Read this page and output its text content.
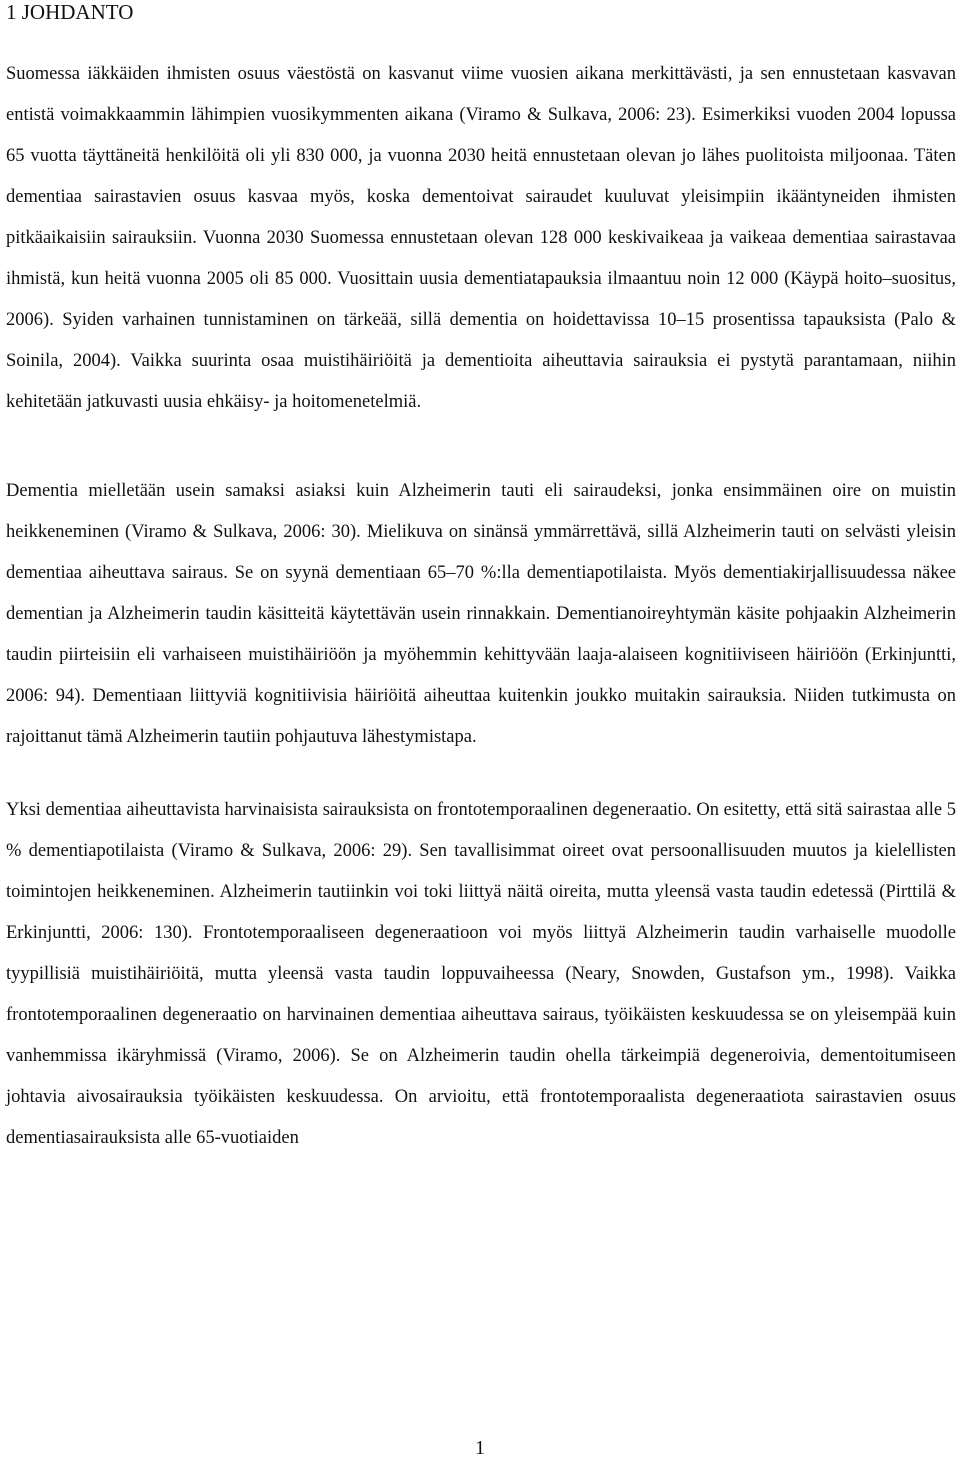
1 JOHDANTO

Suomessa iäkkäiden ihmisten osuus väestöstä on kasvanut viime vuosien aikana merkittävästi, ja sen ennustetaan kasvavan entistä voimakkaammin lähimpien vuosikymmenten aikana (Viramo & Sulkava, 2006: 23). Esimerkiksi vuoden 2004 lopussa 65 vuotta täyttäneitä henkilöitä oli yli 830 000, ja vuonna 2030 heitä ennustetaan olevan jo lähes puolitoista miljoonaa. Täten dementiaa sairastavien osuus kasvaa myös, koska dementoivat sairaudet kuuluvat yleisimpiin ikääntyneiden ihmisten pitkäaikaisiin sairauksiin. Vuonna 2030 Suomessa ennustetaan olevan 128 000 keskivaikeaa ja vaikeaa dementiaa sairastavaa ihmistä, kun heitä vuonna 2005 oli 85 000. Vuosittain uusia dementiatapauksia ilmaantuu noin 12 000 (Käypä hoito–suositus, 2006). Syiden varhainen tunnistaminen on tärkeää, sillä dementia on hoidettavissa 10–15 prosentissa tapauksista (Palo & Soinila, 2004). Vaikka suurinta osaa muistihäiriöitä ja dementioita aiheuttavia sairauksia ei pystytä parantamaan, niihin kehitetään jatkuvasti uusia ehkäisy- ja hoitomenetelmiä.

Dementia mielletään usein samaksi asiaksi kuin Alzheimerin tauti eli sairaudeksi, jonka ensimmäinen oire on muistin heikkeneminen (Viramo & Sulkava, 2006: 30). Mielikuva on sinänsä ymmärrettävä, sillä Alzheimerin tauti on selvästi yleisin dementiaa aiheuttava sairaus. Se on syynä dementiaan 65–70 %:lla dementiapotilaista. Myös dementiakirjallisuudessa näkee dementian ja Alzheimerin taudin käsitteitä käytettävän usein rinnakkain. Dementianoireyhtymän käsite pohjaakin Alzheimerin taudin piirteisiin eli varhaiseen muistihäiriöön ja myöhemmin kehittyvään laaja-alaiseen kognitiiviseen häiriöön (Erkinjuntti, 2006: 94). Dementiaan liittyviä kognitiivisia häiriöitä aiheuttaa kuitenkin joukko muitakin sairauksia. Niiden tutkimusta on rajoittanut tämä Alzheimerin tautiin pohjautuva lähestymistapa.

Yksi dementiaa aiheuttavista harvinaisista sairauksista on frontotemporaalinen degeneraatio. On esitetty, että sitä sairastaa alle 5 % dementiapotilaista (Viramo & Sulkava, 2006: 29). Sen tavallisimmat oireet ovat persoonallisuuden muutos ja kielellisten toimintojen heikkeneminen. Alzheimerin tautiinkin voi toki liittyä näitä oireita, mutta yleensä vasta taudin edetessä (Pirttilä & Erkinjuntti, 2006: 130). Frontotemporaaliseen degeneraatioon voi myös liittyä Alzheimerin taudin varhaiselle muodolle tyypillisiä muistihäiriöitä, mutta yleensä vasta taudin loppuvaiheessa (Neary, Snowden, Gustafson ym., 1998). Vaikka frontotemporaalinen degeneraatio on harvinainen dementiaa aiheuttava sairaus, työikäisten keskuudessa se on yleisempää kuin vanhemmissa ikäryhmissä (Viramo, 2006). Se on Alzheimerin taudin ohella tärkeimpiä degeneroivia, dementoitumiseen johtavia aivosairauksia työikäisten keskuudessa. On arvioitu, että frontotemporaalista degeneraatiota sairastavien osuus dementiasairauksista alle 65-vuotiaiden

1
